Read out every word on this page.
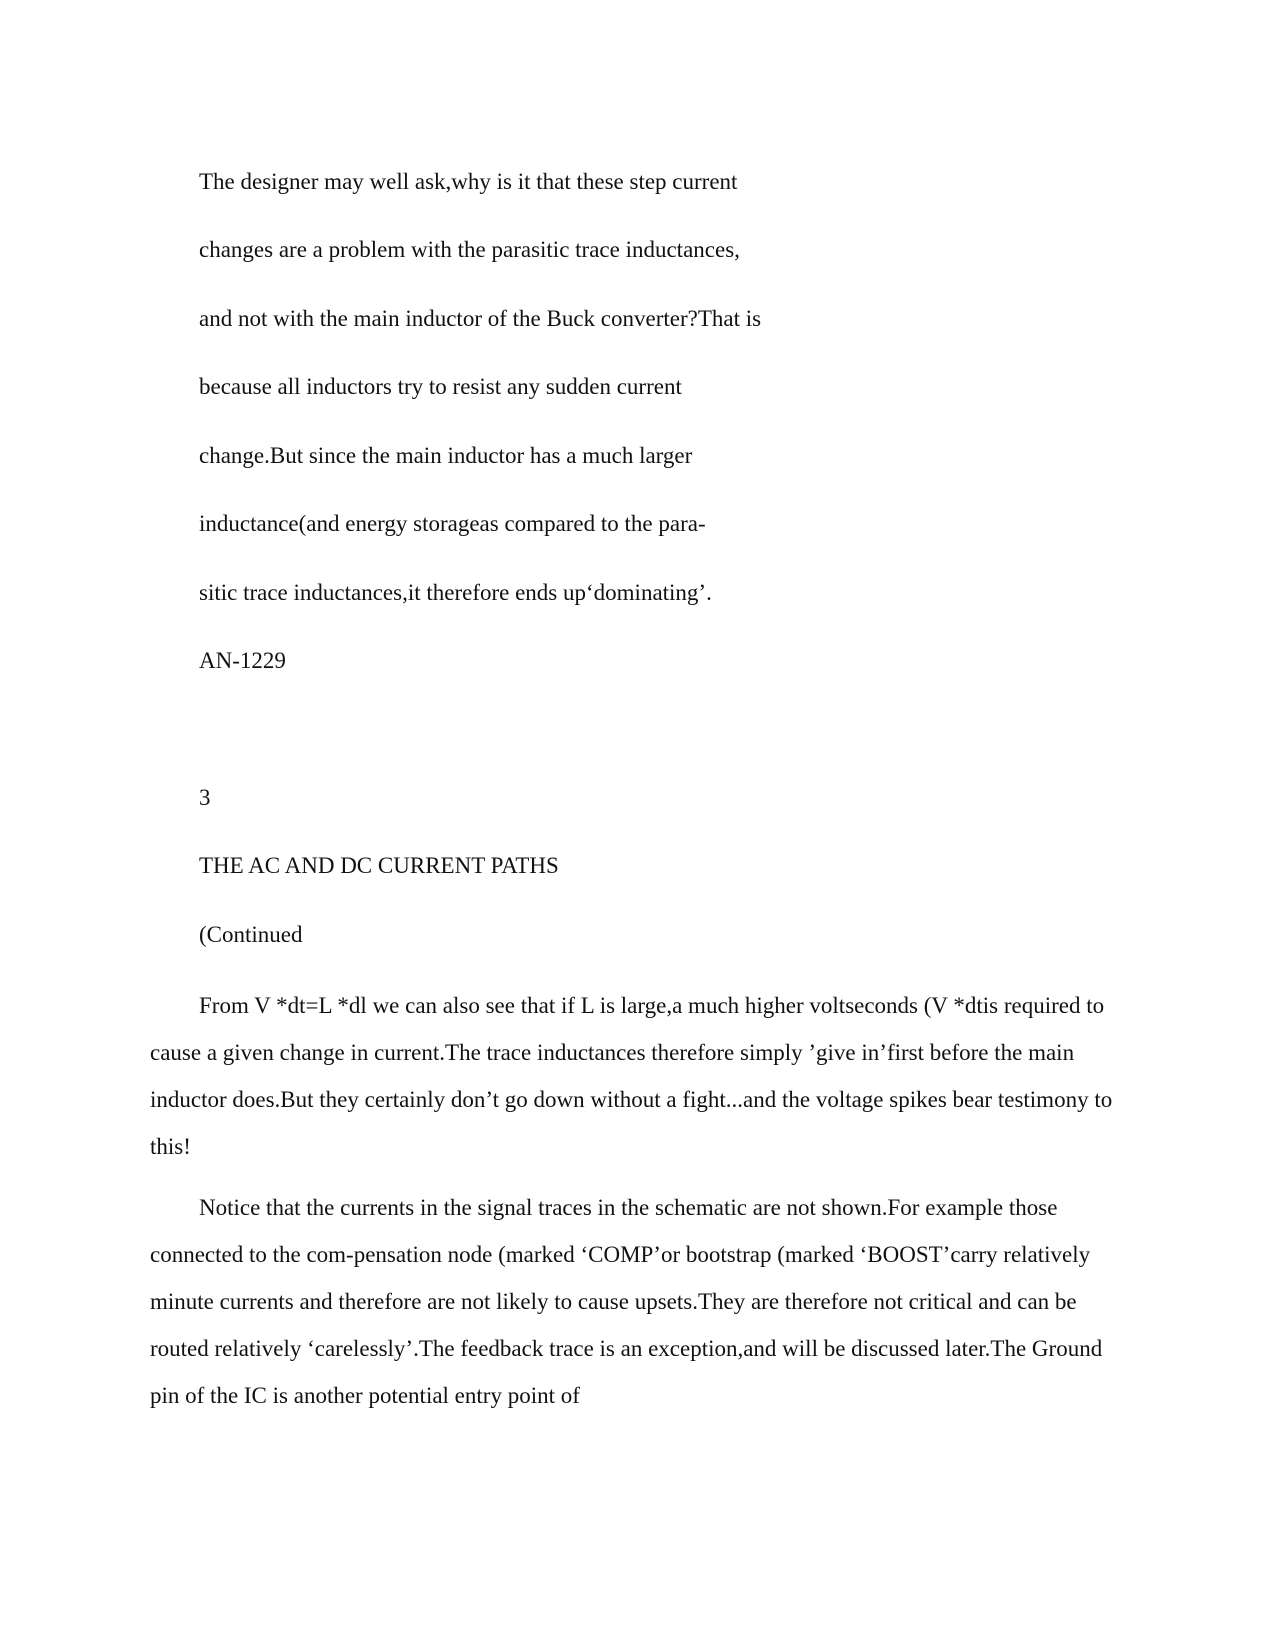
The designer may well ask,why is it that these step current
changes are a problem with the parasitic trace inductances,
and not with the main inductor of the Buck converter?That is
because all inductors try to resist any sudden current
change.But since the main inductor has a much larger
inductance(and energy storageas compared to the para-
sitic trace inductances,it therefore ends up‘dominating’.
AN-1229
3
THE AC AND DC CURRENT PATHS
(Continued

From V *dt=L *dl we can also see that if L is large,a much higher voltseconds (V *dtis required to cause a given change in current.The trace inductances therefore simply ’give in’first before the main inductor does.But they certainly don’t go down without a fight...and the voltage spikes bear testimony to this!

Notice that the currents in the signal traces in the schematic are not shown.For example those connected to the com-pensation node (marked ‘COMP’or bootstrap (marked ‘BOOST’carry relatively minute currents and therefore are not likely to cause upsets.They are therefore not critical and can be routed relatively ‘carelessly’.The feedback trace is an exception,and will be discussed later.The Ground pin of the IC is another potential entry point of
